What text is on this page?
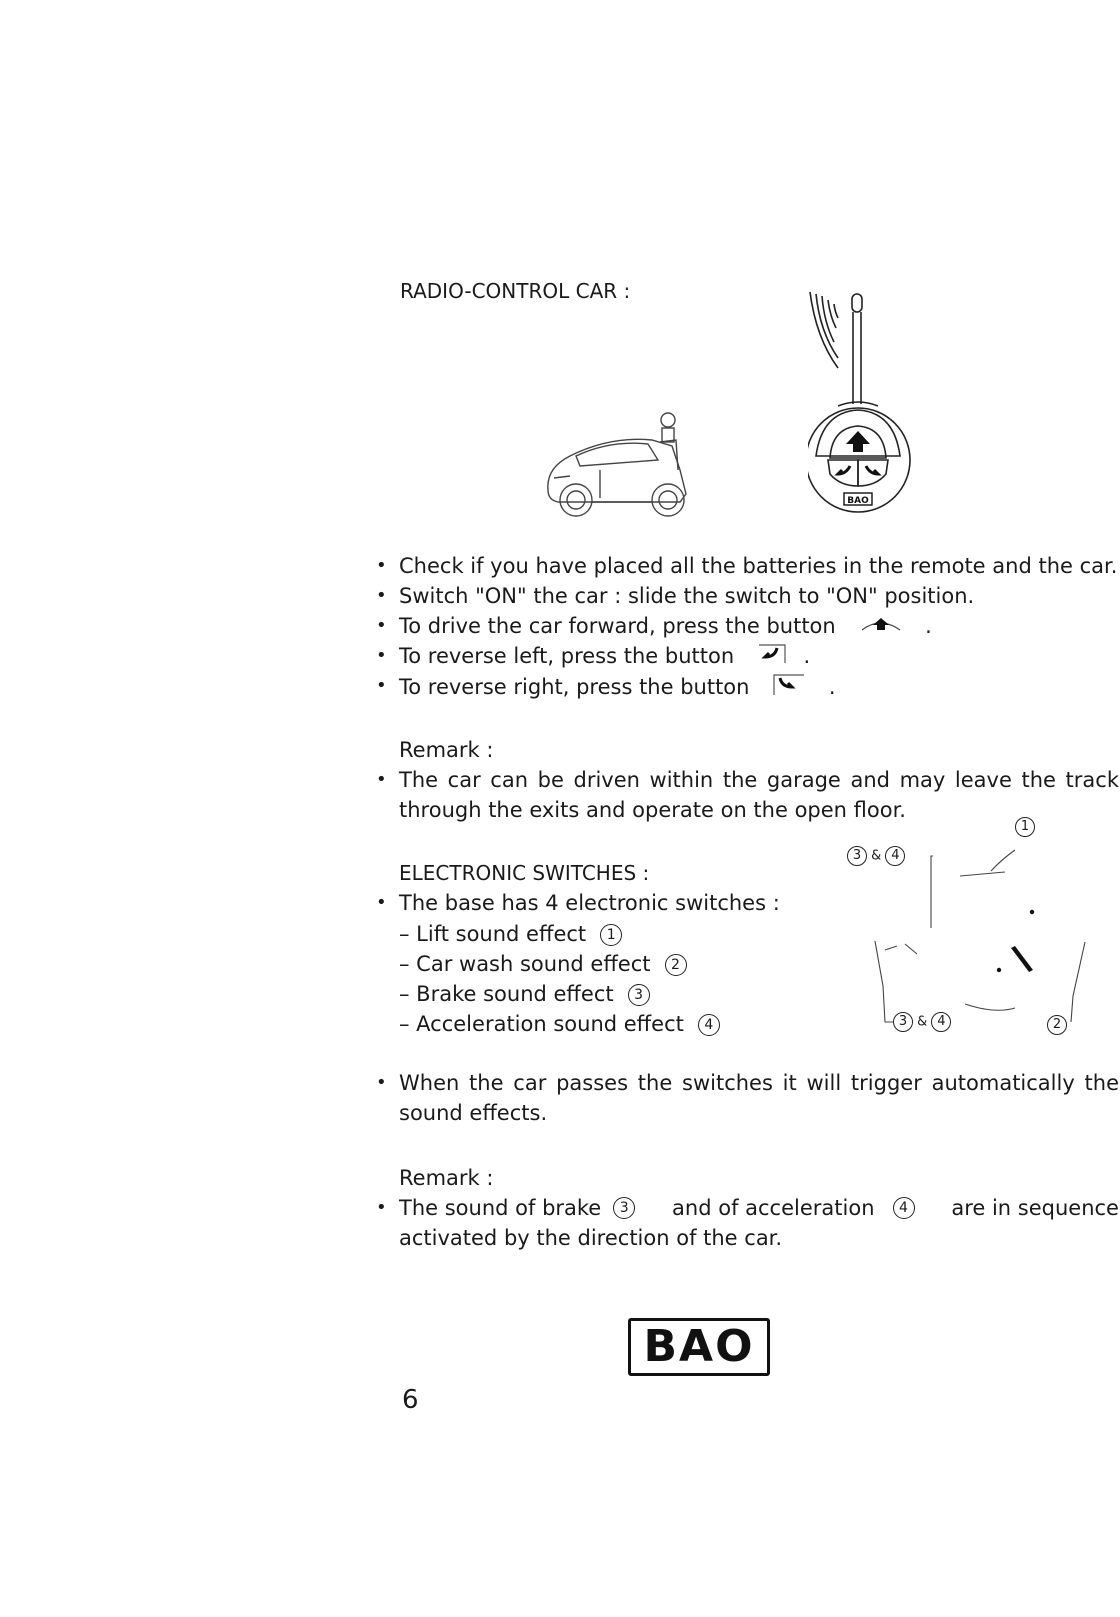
RADIO-CONTROL CAR :
BAO
Check if you have placed all the batteries in the remote and the car.
Switch "ON" the car : slide the switch to "ON" position.
To drive the car forward, press the button	.
To reverse left, press the button	.
To reverse right, press the button	.
Remark :
The car can be driven within the garage and may leave the track
through the exits and operate on the open floor.
ELECTRONIC SWITCHES :
The base has 4 electronic switches :
– Lift sound effect 1
– Car wash sound effect 2
– Brake sound effect 3
– Acceleration sound effect 4
3 & 4
1
3 & 4	2
When the car passes the switches it will trigger automatically the
sound effects.
Remark :
The sound of brake	3	and of acceleration	4	are in sequence
activated by the direction of the car.
BAO
6
